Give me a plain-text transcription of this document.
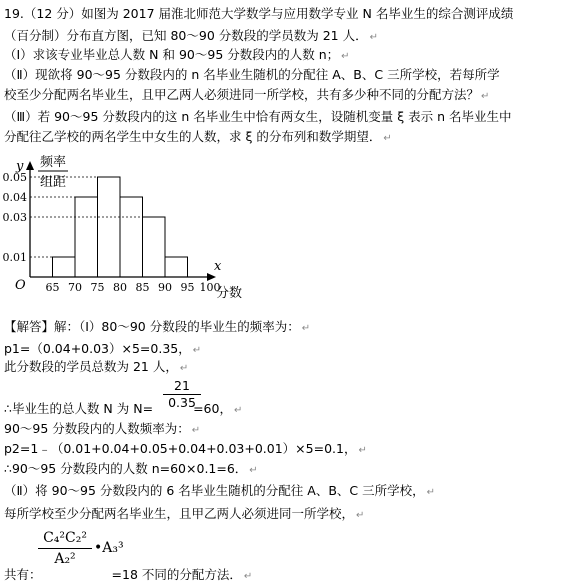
19.（12 分）如图为 2017 届淮北师范大学数学与应用数学专业 N 名毕业生的综合测评成绩
（百分制）分布直方图，已知 80～90 分数段的学员数为 21 人． ↵
（Ⅰ）求该专业毕业总人数 N 和 90～95 分数段内的人数 n； ↵
（Ⅱ）现欲将 90～95 分数段内的 n 名毕业生随机的分配往 A、B、C 三所学校，若每所学
校至少分配两名毕业生，且甲乙两人必须进同一所学校，共有多少种不同的分配方法？ ↵
（Ⅲ）若 90～95 分数段内的这 n 名毕业生中恰有两女生，设随机变量 ξ 表示 n 名毕业生中
分配往乙学校的两名学生中女生的人数，求 ξ 的分布列和数学期望． ↵
y 频率
组距
x
O
分数
65 70 75 80 85 90 95 100
0.05
0.04
0.03
0.01
【解答】解：（Ⅰ）80～90 分数段的毕业生的频率为： ↵
p1=（0.04+0.03）×5=0.35， ↵
此分数段的学员总数为 21 人， ↵
$\frac{21}{0.35}$
∴毕业生的总人数 N 为 N=	=60， ↵
90～95 分数段内的人数频率为： ↵
p2=1﹣（0.01+0.04+0.05+0.04+0.03+0.01）×5=0.1， ↵
∴90～95 分数段内的人数 n=60×0.1=6． ↵
（Ⅱ）将 90～95 分数段内的 6 名毕业生随机的分配往 A、B、C 三所学校， ↵
每所学校至少分配两名毕业生，且甲乙两人必须进同一所学校， ↵
$\frac{\text{C₄²C₂²}}{\text{A₂²}}$ •A₃³
共有：	=18 不同的分配方法． ↵
